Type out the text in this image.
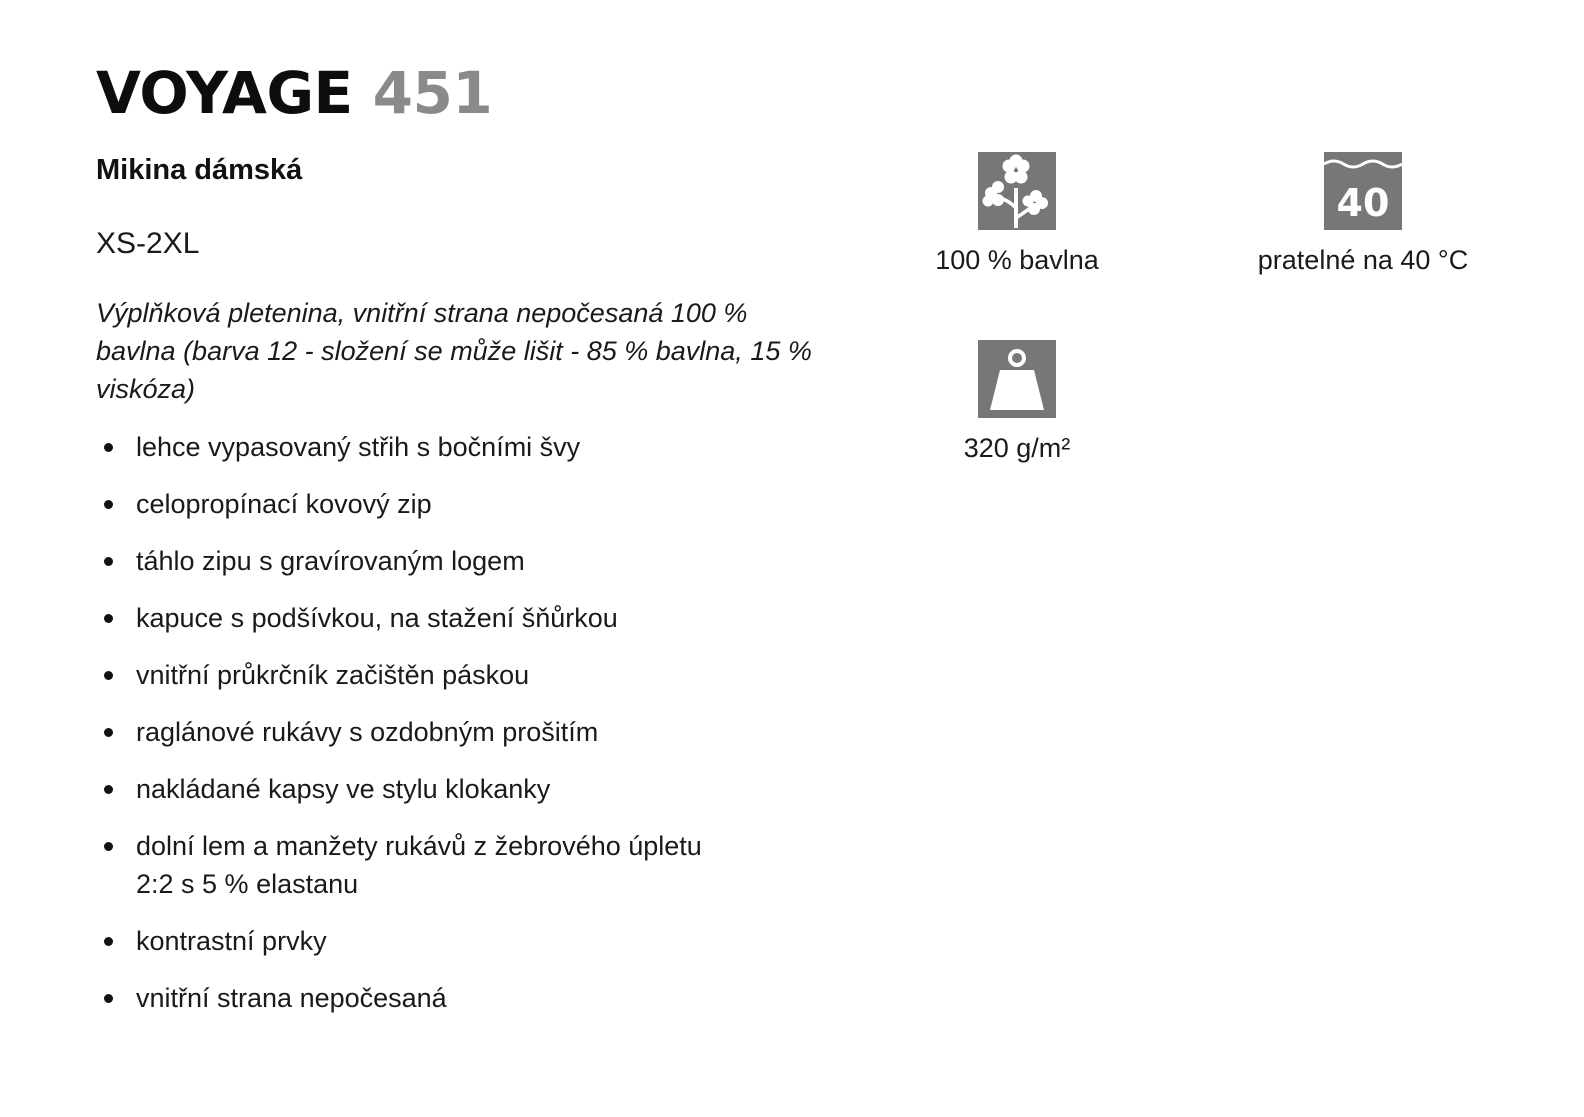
VOYAGE 451
Mikina dámská
XS-2XL
Výplňková pletenina, vnitřní strana nepočesaná 100 % bavlna (barva 12 - složení se může lišit - 85 % bavlna, 15 % viskóza)
lehce vypasovaný střih s bočními švy
celopropínací kovový zip
táhlo zipu s gravírovaným logem
kapuce s podšívkou, na stažení šňůrkou
vnitřní průkrčník začištěn páskou
raglánové rukávy s ozdobným prošitím
nakládané kapsy ve stylu klokanky
dolní lem a manžety rukávů z žebrového úpletu 2:2 s 5 % elastanu
kontrastní prvky
vnitřní strana nepočesaná
100 % bavlna
40
pratelné na 40 °C
320 g/m²
